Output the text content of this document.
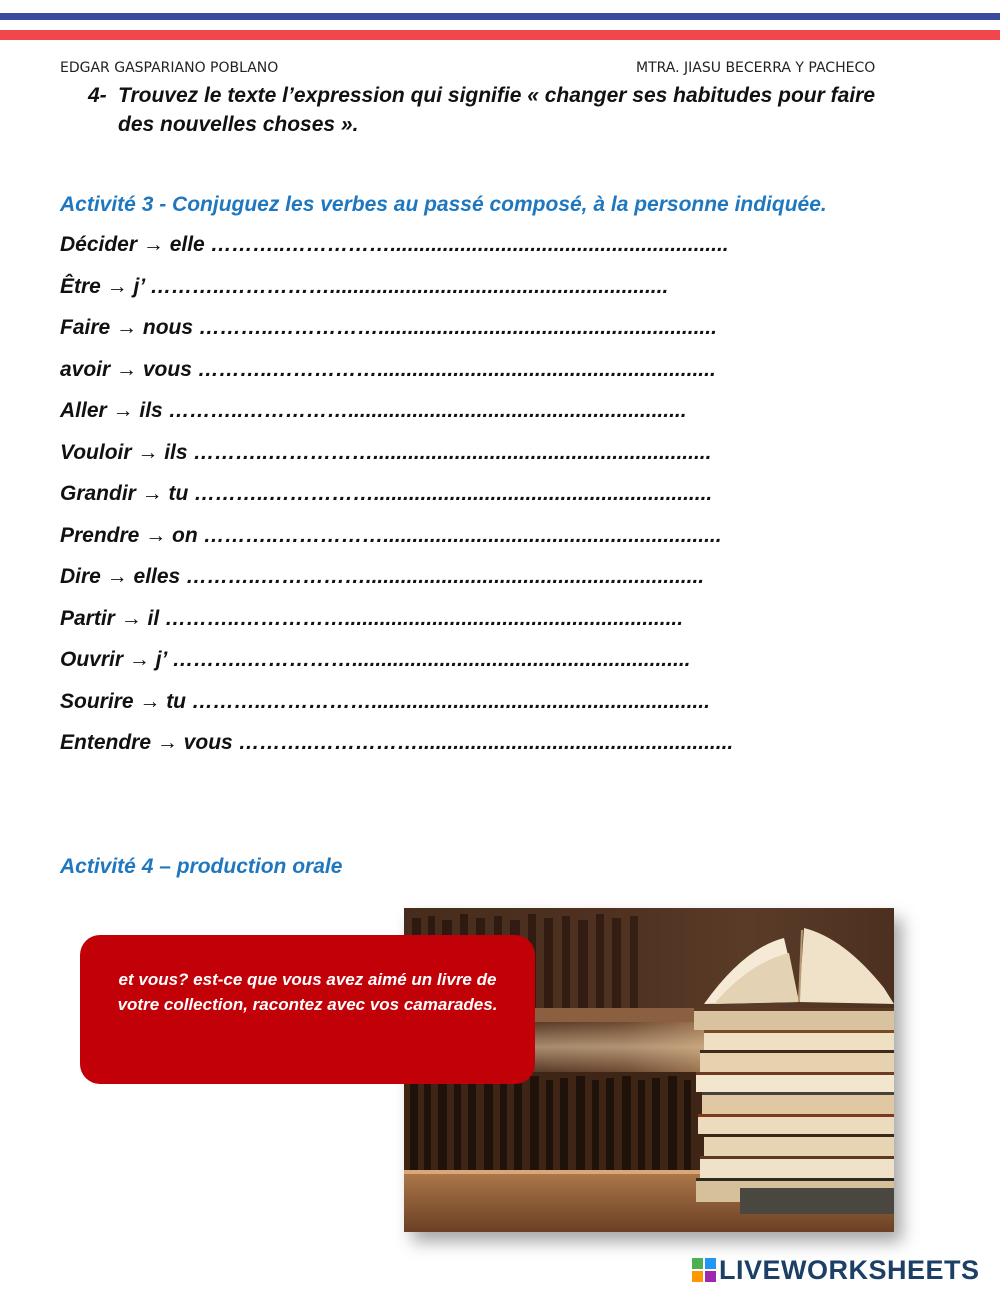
EDGAR GASPARIANO POBLANO	MTRA. JIASU BECERRA Y PACHECO
4- Trouvez le texte l’expression qui signifie « changer ses habitudes pour faire des nouvelles choses ».
Activité 3 - Conjuguez les verbes au passé composé, à la personne indiquée.
Décider → elle ………..……………..........................................................
Être → j’ ………..……………..........................................................
Faire → nous ………..……………..........................................................
avoir → vous ………..……………..........................................................
Aller → ils ………..……………..........................................................
Vouloir → ils ………..……………..........................................................
Grandir → tu ………..……………..........................................................
Prendre → on ………..……………..........................................................
Dire → elles ………..……………..........................................................
Partir → il ………..……………..........................................................
Ouvrir → j’ ………..……………..........................................................
Sourire → tu ………..……………..........................................................
Entendre → vous ………..……………......................................................
Activité 4 – production orale
et vous? est-ce que vous avez aimé un livre de votre collection, racontez avec vos camarades.
LIVEWORKSHEETS
